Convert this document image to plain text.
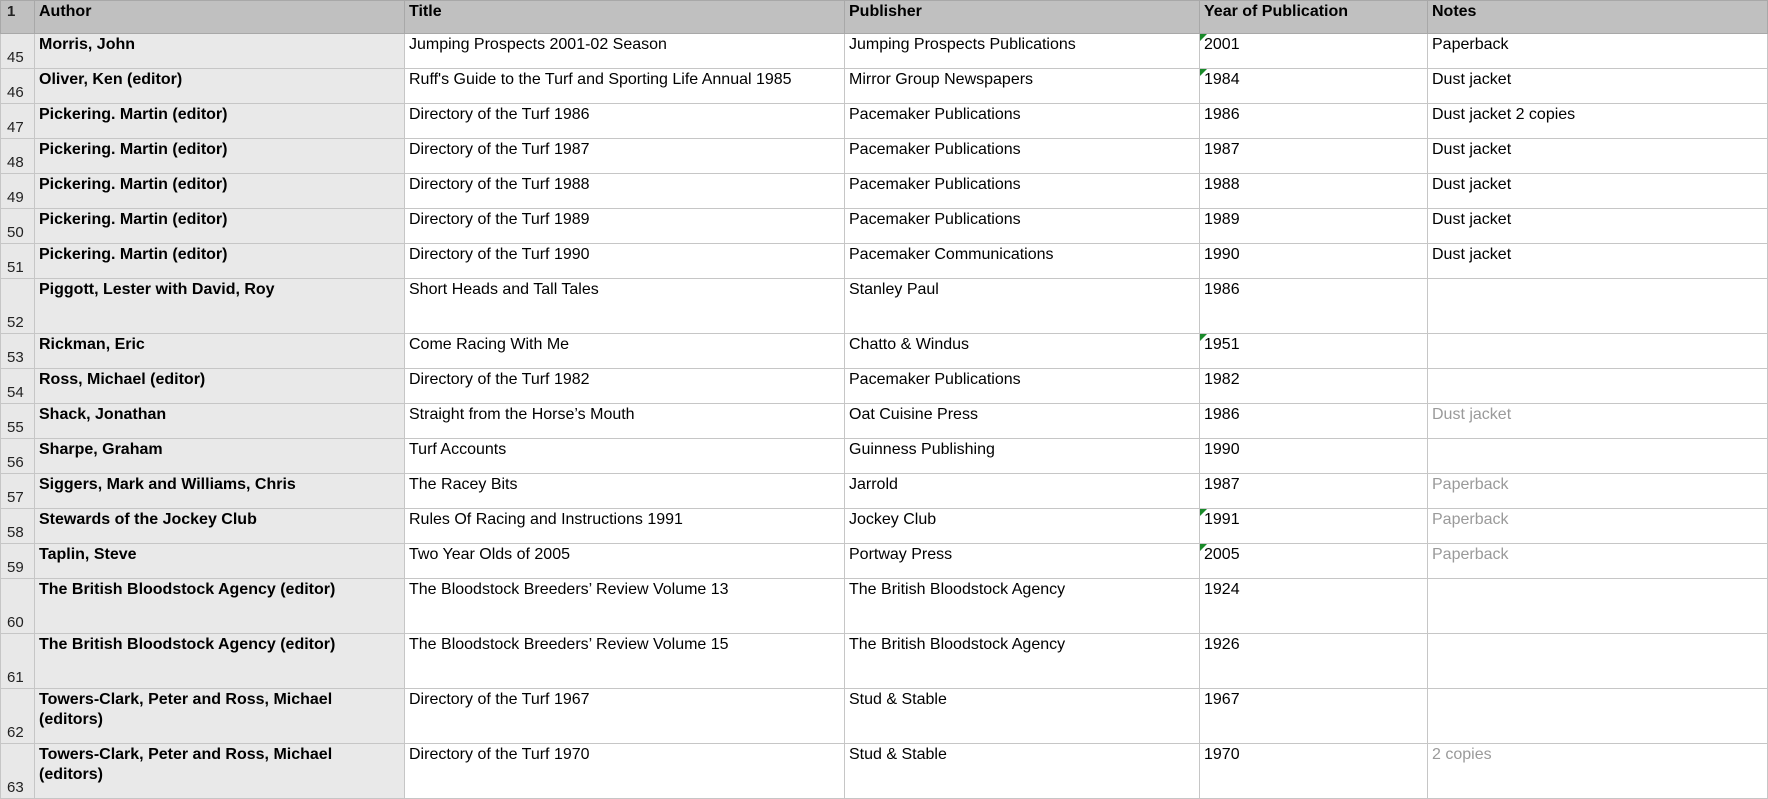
1	Author	Title	Publisher	Year of Publication	Notes
45	Morris, John	Jumping Prospects 2001-02 Season	Jumping Prospects Publications	2001	Paperback
46	Oliver, Ken (editor)	Ruff's Guide to the Turf and Sporting Life Annual 1985	Mirror Group Newspapers	1984	Dust jacket
47	Pickering. Martin (editor)	Directory of the Turf 1986	Pacemaker Publications	1986	Dust jacket 2 copies
48	Pickering. Martin (editor)	Directory of the Turf 1987	Pacemaker Publications	1987	Dust jacket
49	Pickering. Martin (editor)	Directory of the Turf 1988	Pacemaker Publications	1988	Dust jacket
50	Pickering. Martin (editor)	Directory of the Turf 1989	Pacemaker Publications	1989	Dust jacket
51	Pickering. Martin (editor)	Directory of the Turf 1990	Pacemaker Communications	1990	Dust jacket
52	Piggott, Lester with David, Roy	Short Heads and Tall Tales	Stanley Paul	1986	
53	Rickman, Eric	Come Racing With Me	Chatto & Windus	1951	
54	Ross, Michael (editor)	Directory of the Turf 1982	Pacemaker Publications	1982	
55	Shack, Jonathan	Straight from the Horse’s Mouth	Oat Cuisine Press	1986	Dust jacket
56	Sharpe, Graham	Turf Accounts	Guinness Publishing	1990	
57	Siggers, Mark and Williams, Chris	The Racey Bits	Jarrold	1987	Paperback
58	Stewards of the Jockey Club	Rules Of Racing and Instructions 1991	Jockey Club	1991	Paperback
59	Taplin, Steve	Two Year Olds of 2005	Portway Press	2005	Paperback
60	The British Bloodstock Agency (editor)	The Bloodstock Breeders’ Review Volume 13	The British Bloodstock Agency	1924	
61	The British Bloodstock Agency (editor)	The Bloodstock Breeders’ Review Volume 15	The British Bloodstock Agency	1926	
62	Towers-Clark, Peter and Ross, Michael (editors)	Directory of the Turf 1967	Stud & Stable	1967	
63	Towers-Clark, Peter and Ross, Michael (editors)	Directory of the Turf 1970	Stud & Stable	1970	2 copies
